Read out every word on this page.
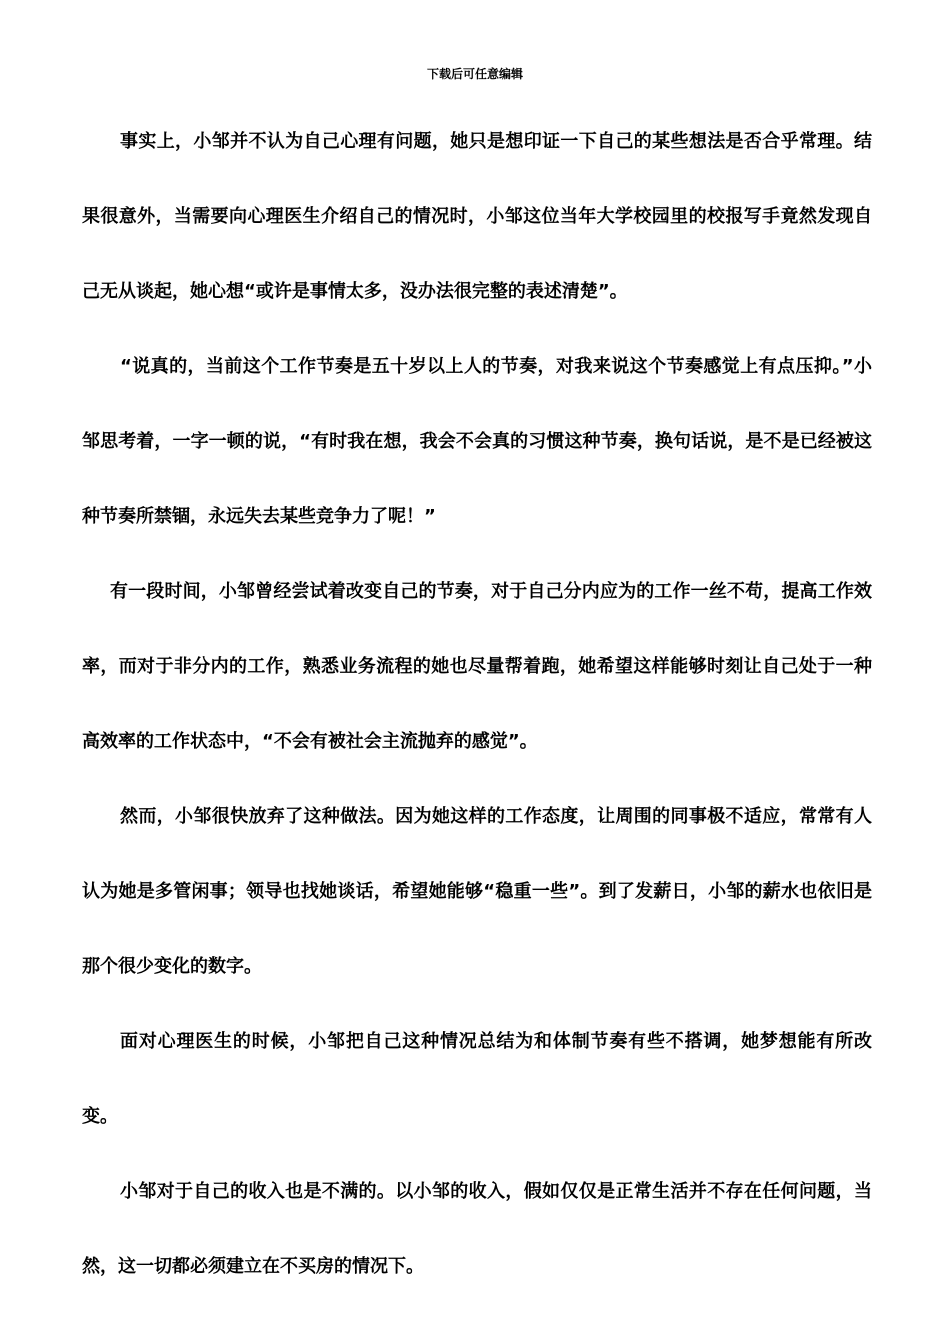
下载后可任意编辑

事实上，小邹并不认为自己心理有问题，她只是想印证一下自己的某些想法是否合乎常理。结果很意外，当需要向心理医生介绍自己的情况时，小邹这位当年大学校园里的校报写手竟然发现自己无从谈起，她心想“或许是事情太多，没办法很完整的表述清楚”。

“说真的，当前这个工作节奏是五十岁以上人的节奏，对我来说这个节奏感觉上有点压抑。”小邹思考着，一字一顿的说，“有时我在想，我会不会真的习惯这种节奏，换句话说，是不是已经被这种节奏所禁锢，永远失去某些竞争力了呢！”

有一段时间，小邹曾经尝试着改变自己的节奏，对于自己分内应为的工作一丝不苟，提高工作效率，而对于非分内的工作，熟悉业务流程的她也尽量帮着跑，她希望这样能够时刻让自己处于一种高效率的工作状态中，“不会有被社会主流抛弃的感觉”。

然而，小邹很快放弃了这种做法。因为她这样的工作态度，让周围的同事极不适应，常常有人认为她是多管闲事；领导也找她谈话，希望她能够“稳重一些”。到了发薪日，小邹的薪水也依旧是那个很少变化的数字。

面对心理医生的时候，小邹把自己这种情况总结为和体制节奏有些不搭调，她梦想能有所改变。

小邹对于自己的收入也是不满的。以小邹的收入，假如仅仅是正常生活并不存在任何问题，当然，这一切都必须建立在不买房的情况下。
